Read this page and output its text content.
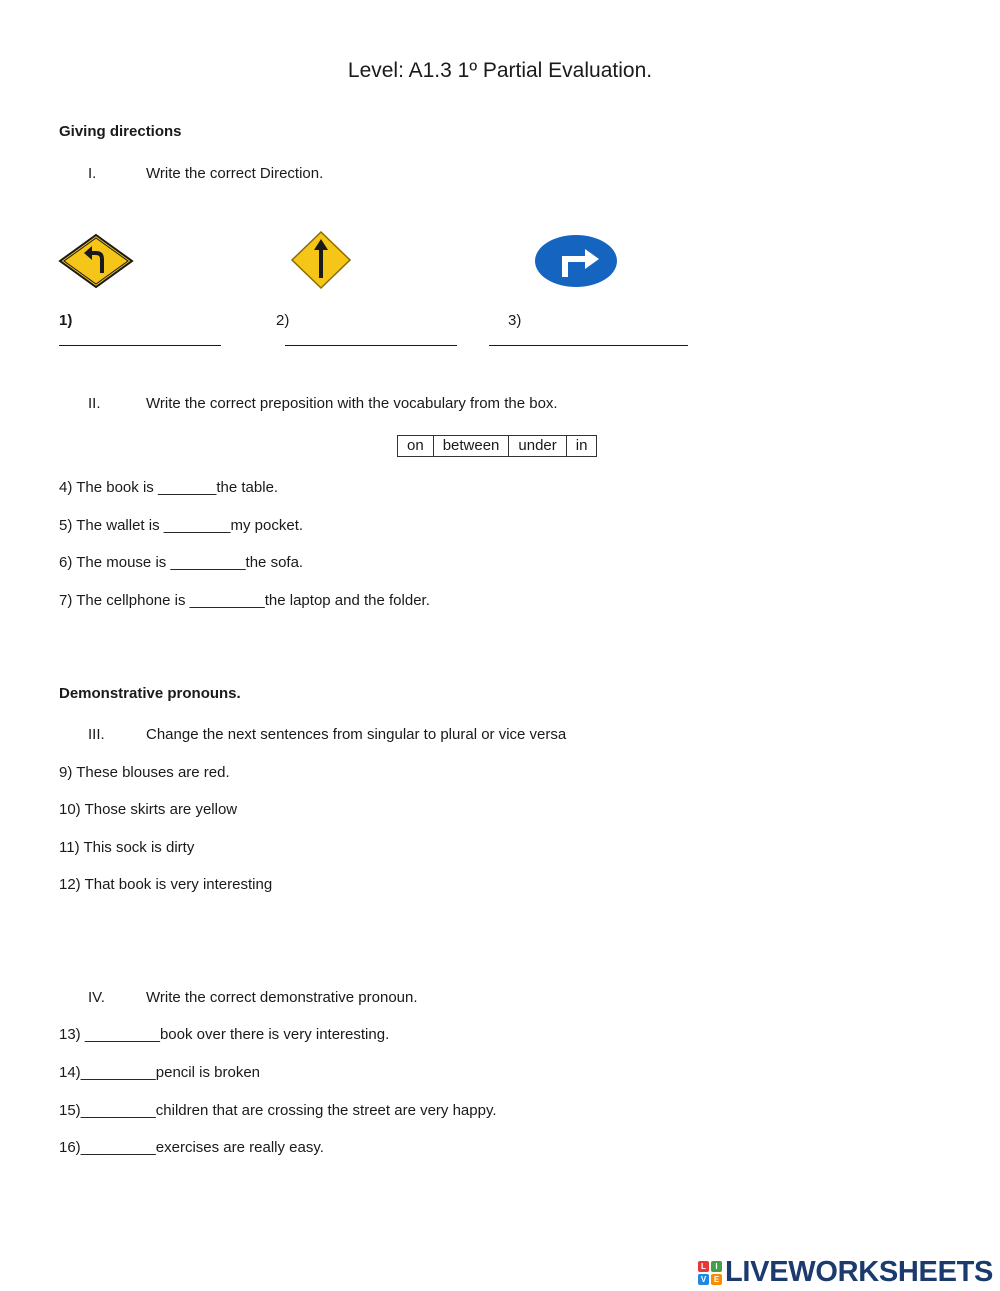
Level: A1.3 1º Partial Evaluation.
Giving directions
I.	Write the correct Direction.
1)	2)	3)
II.	Write the correct preposition with the vocabulary from the box.
on	between	under	in
4) The book is _______the table.
5) The wallet is ________my pocket.
6) The mouse is _________the sofa.
7) The cellphone is _________the laptop and the folder.
Demonstrative pronouns.
III.	Change the next sentences from singular to plural or vice versa
9) These blouses are red.
10) Those skirts are yellow
11) This sock is dirty
12) That book is very interesting
IV.	Write the correct demonstrative pronoun.
13) _________book over there is very interesting.
14)_________pencil is broken
15)_________children that are crossing the street are very happy.
16)_________exercises are really easy.
L	I
V E LIVEWORKSHEETS
